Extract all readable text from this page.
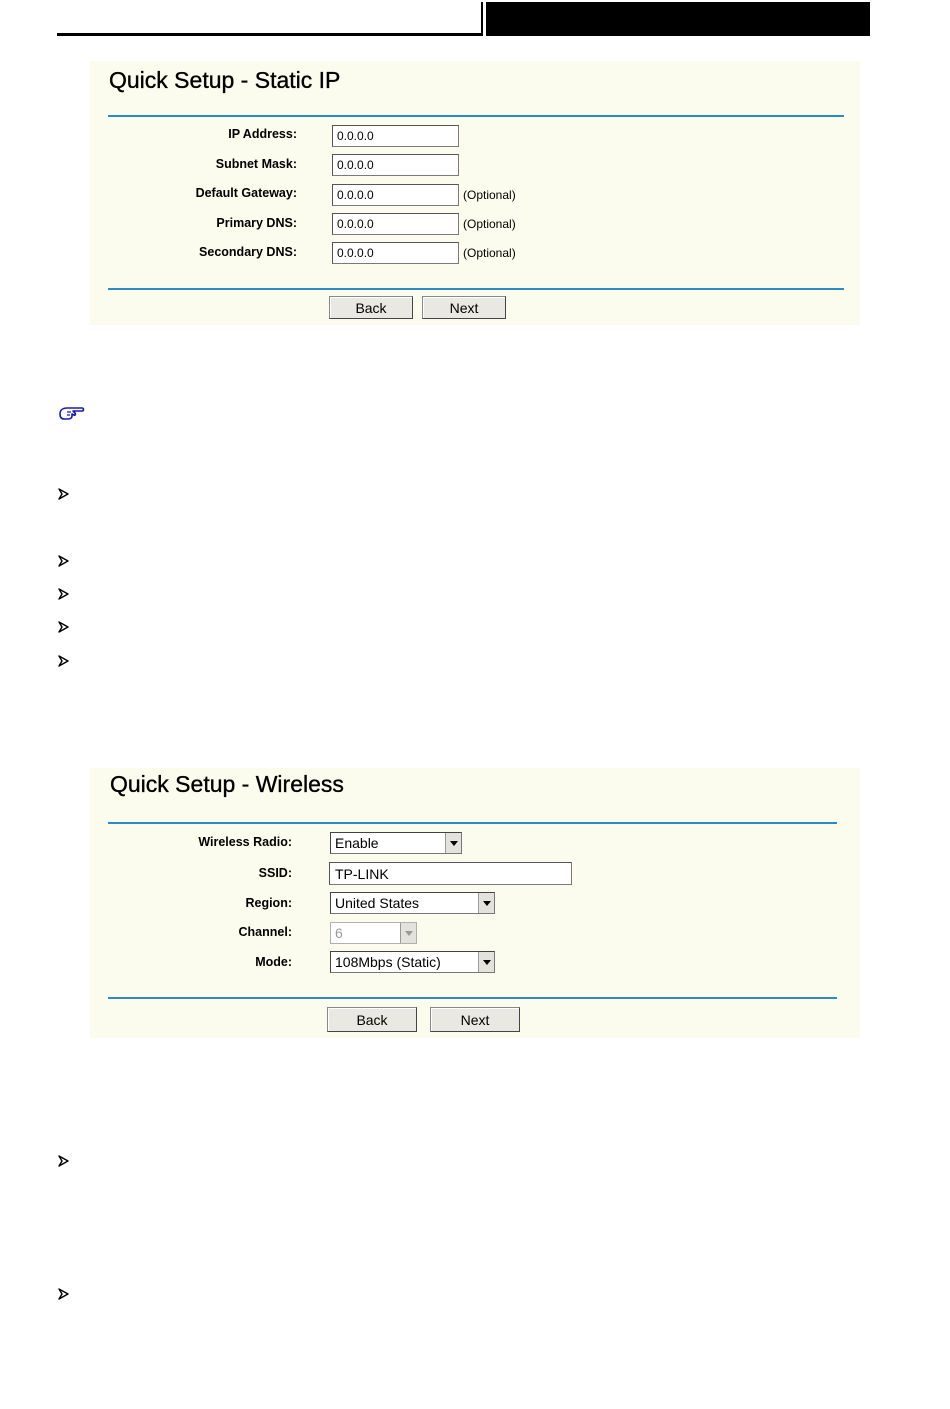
Quick Setup - Static IP
IP Address:
0.0.0.0
Subnet Mask:
0.0.0.0
Default Gateway:
0.0.0.0	(Optional)
Primary DNS:
0.0.0.0	(Optional)
Secondary DNS:
0.0.0.0	(Optional)
Back	Next
Quick Setup - Wireless
Wireless Radio:	Enable
SSID:
TP-LINK
Region:	United States
Channel:	6
Mode:	108Mbps (Static)
Back	Next
